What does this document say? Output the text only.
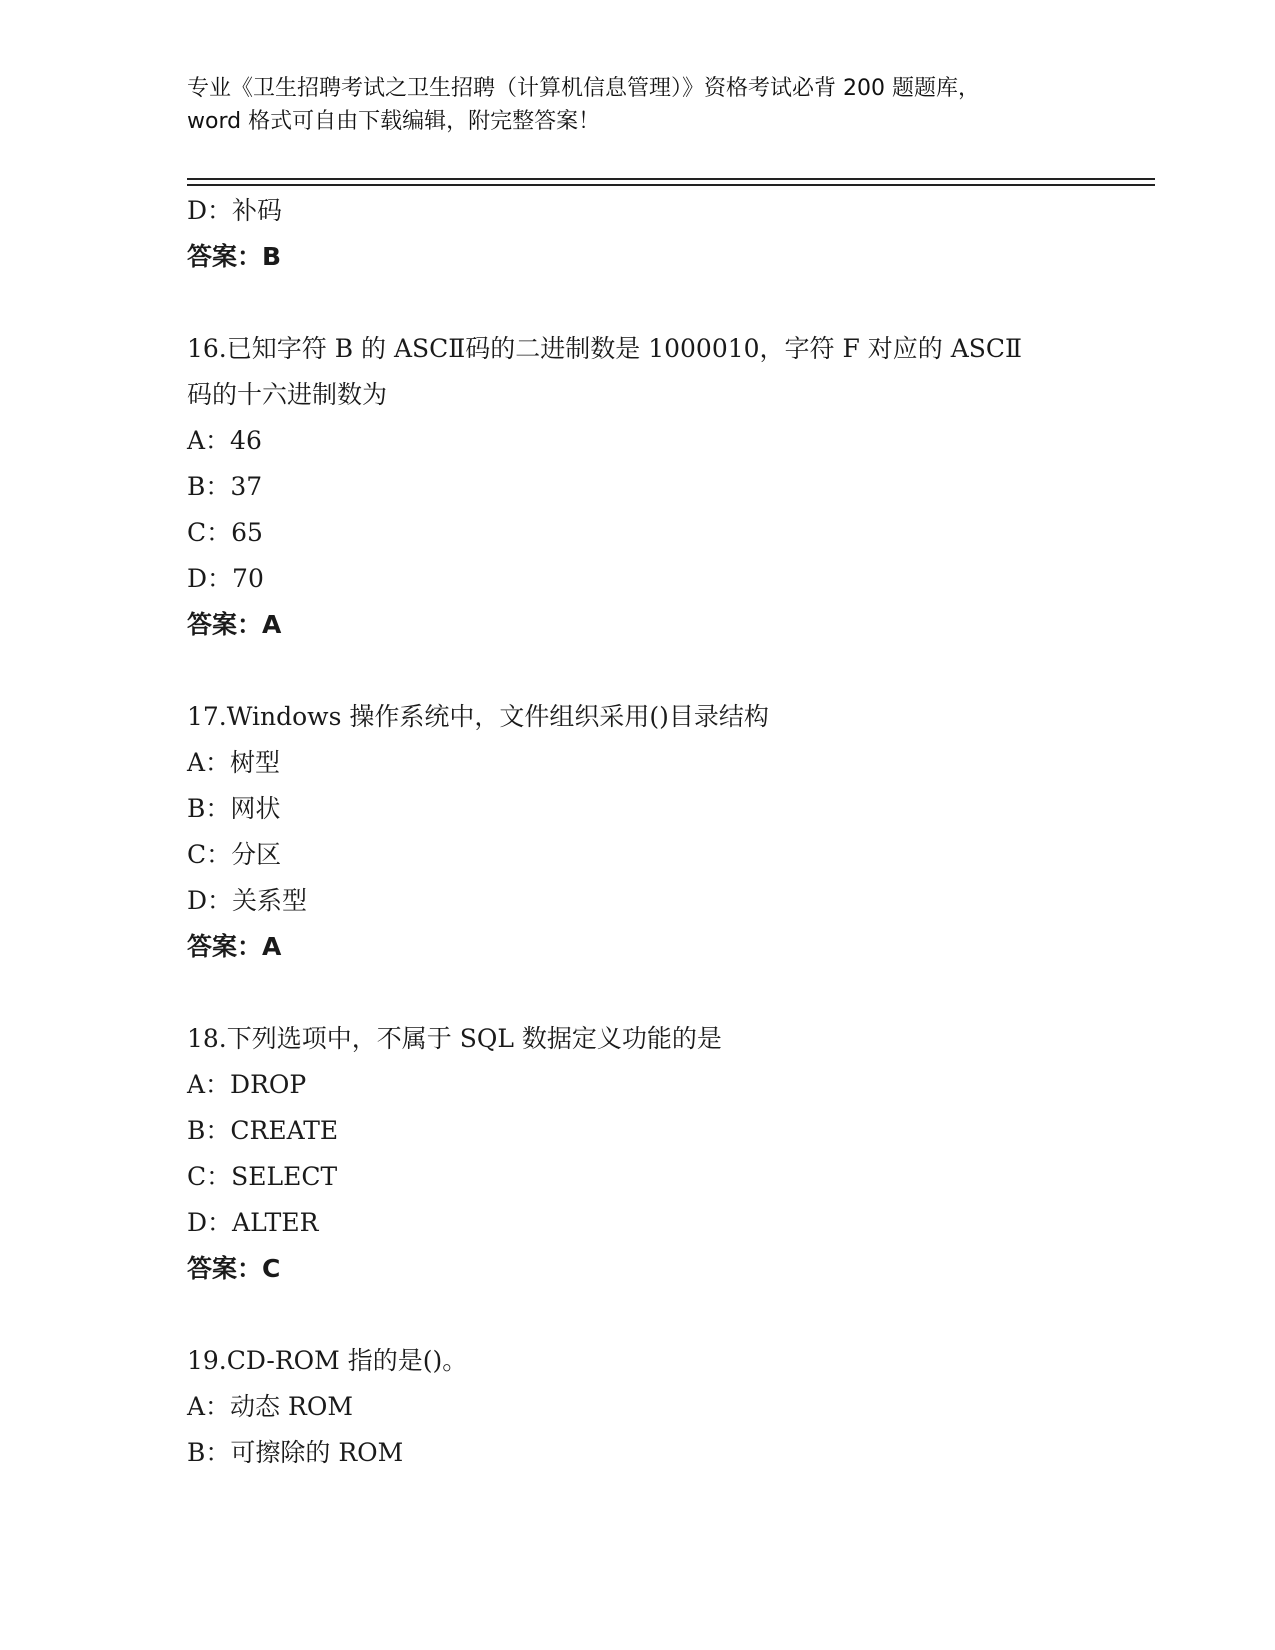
专业《卫生招聘考试之卫生招聘（计算机信息管理）》资格考试必背 200 题题库，
word 格式可自由下载编辑，附完整答案！
D：补码
答案：B
16.已知字符 B 的 ASCⅡ码的二进制数是 1000010，字符 F 对应的 ASCⅡ
码的十六进制数为
A：46
B：37
C：65
D：70
答案：A
17.Windows 操作系统中，文件组织采用()目录结构
A：树型
B：网状
C：分区
D：关系型
答案：A
18.下列选项中，不属于 SQL 数据定义功能的是
A：DROP
B：CREATE
C：SELECT
D：ALTER
答案：C
19.CD-ROM 指的是()。
A：动态 ROM
B：可擦除的 ROM
